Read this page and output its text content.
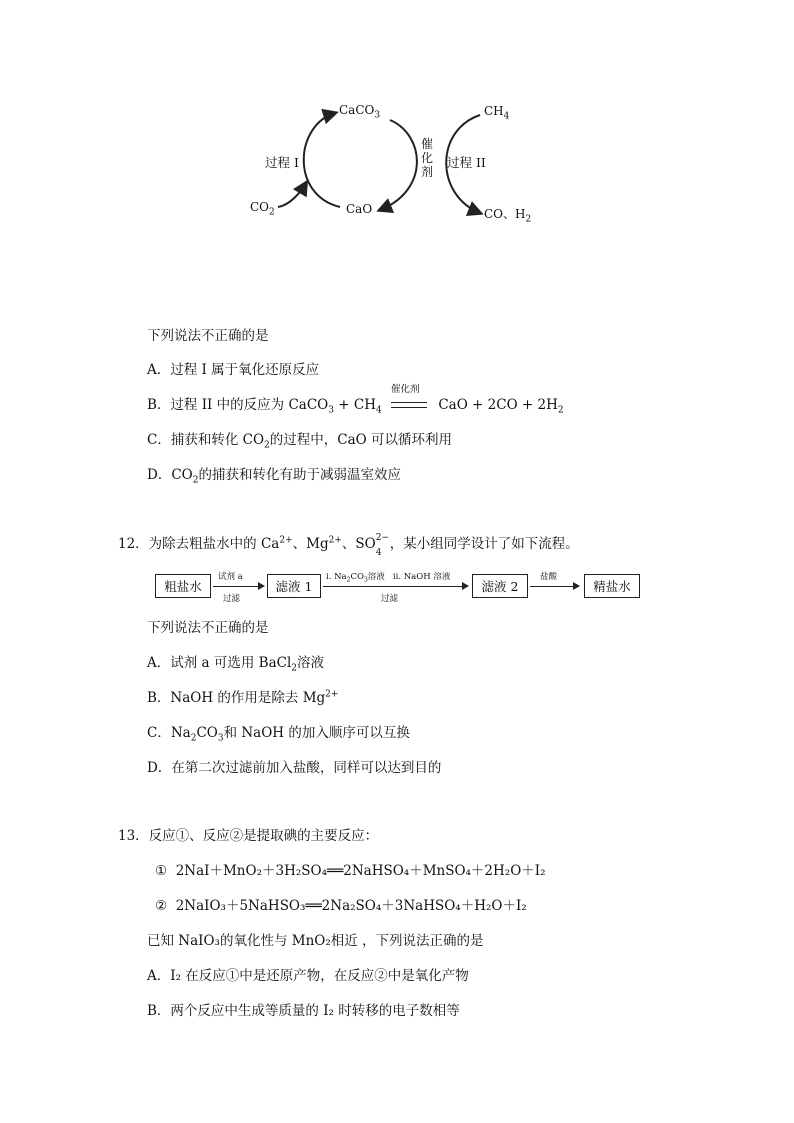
CaCO$_3$	$CH_4$
过程 I	过程 II
催
化
剂
$CO_2$	CaO	CO、$H_2$
下列说法不正确的是
A．过程 I 属于氧化还原反应
B．过程 II 中的反应为 CaCO$_3$ + $CH_4$
催化剂
CaO + $2CO + 2H_2$
C．捕获和转化 $CO_2$的过程中，CaO 可以循环利用
D．$CO_2$的捕获和转化有助于减弱温室效应
12．为除去粗盐水中的 $Ca^{2+}$、$Mg^{2+}$、SO 2−
4
，某小组同学设计了如下流程。
粗盐水
试剂 a
过滤
滤液 1
i. $Na_2CO_3$溶液 ii. NaOH 溶液
过滤
滤液 2
盐酸
精盐水
下列说法不正确的是
A．试剂 a 可选用 BaCl$_2$溶液
B．NaOH 的作用是除去 $Mg^{2+}$
C．$Na_2CO_3$和 NaOH 的加入顺序可以互换
D．在第二次过滤前加入盐酸，同样可以达到目的
13．反应①、反应②是提取碘的主要反应：
① 2NaI＋MnO₂＋3H₂SO₄══2NaHSO₄＋MnSO₄＋2H₂O＋I₂
② 2NaIO₃＋5NaHSO₃══2Na₂SO₄＋3NaHSO₄＋H₂O＋I₂
已知 NaIO₃的氧化性与 MnO₂相近 ，下列说法正确的是
A．I₂ 在反应①中是还原产物，在反应②中是氧化产物
B．两个反应中生成等质量的 I₂ 时转移的电子数相等
